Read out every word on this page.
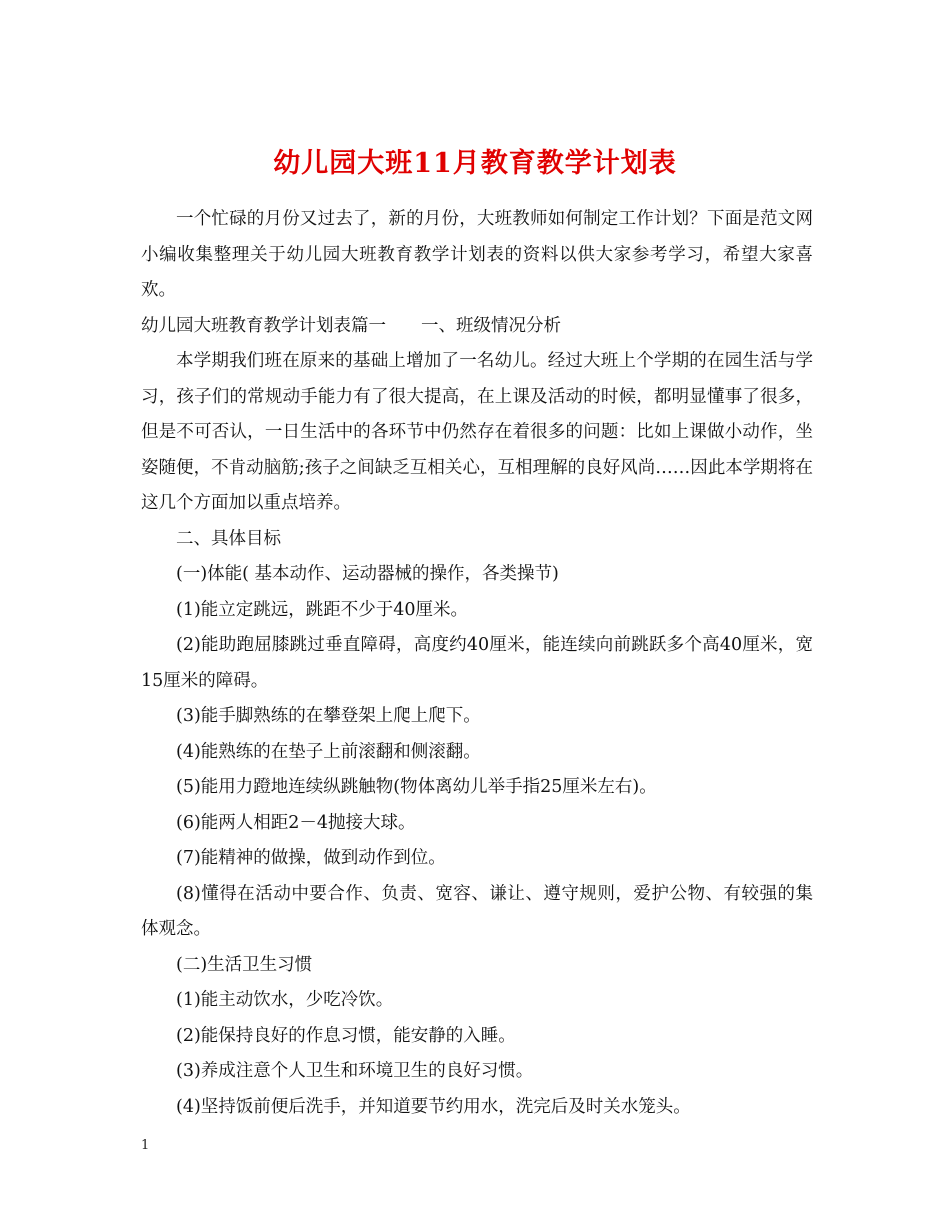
幼儿园大班11月教育教学计划表

一个忙碌的月份又过去了，新的月份，大班教师如何制定工作计划？下面是范文网小编收集整理关于幼儿园大班教育教学计划表的资料以供大家参考学习，希望大家喜欢。

幼儿园大班教育教学计划表篇一　　一、班级情况分析

本学期我们班在原来的基础上增加了一名幼儿。经过大班上个学期的在园生活与学习，孩子们的常规动手能力有了很大提高，在上课及活动的时候，都明显懂事了很多，但是不可否认，一日生活中的各环节中仍然存在着很多的问题：比如上课做小动作，坐姿随便，不肯动脑筋;孩子之间缺乏互相关心，互相理解的良好风尚……因此本学期将在这几个方面加以重点培养。

二、具体目标

(一)体能( 基本动作、运动器械的操作，各类操节)

(1)能立定跳远，跳距不少于40厘米。

(2)能助跑屈膝跳过垂直障碍，高度约40厘米，能连续向前跳跃多个高40厘米，宽15厘米的障碍。

(3)能手脚熟练的在攀登架上爬上爬下。

(4)能熟练的在垫子上前滚翻和侧滚翻。

(5)能用力蹬地连续纵跳触物(物体离幼儿举手指25厘米左右)。

(6)能两人相距2－4抛接大球。

(7)能精神的做操，做到动作到位。

(8)懂得在活动中要合作、负责、宽容、谦让、遵守规则，爱护公物、有较强的集体观念。

(二)生活卫生习惯

(1)能主动饮水，少吃冷饮。

(2)能保持良好的作息习惯，能安静的入睡。

(3)养成注意个人卫生和环境卫生的良好习惯。

(4)坚持饭前便后洗手，并知道要节约用水，洗完后及时关水笼头。

1
